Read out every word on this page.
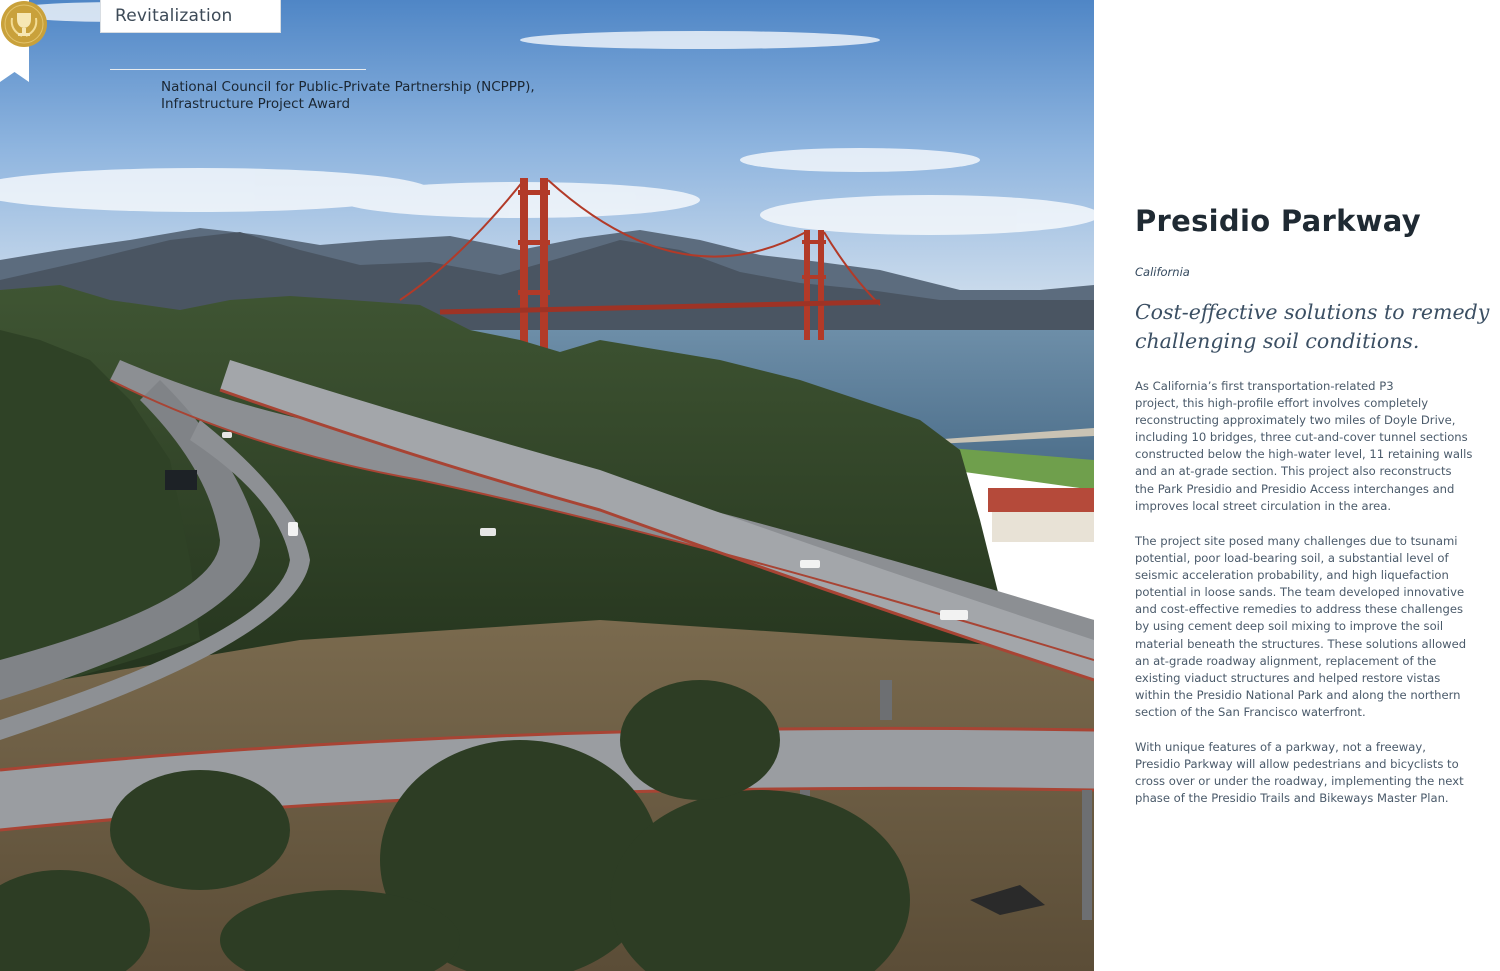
Revitalization
National Council for Public-Private Partnership (NCPPP),
Infrastructure Project Award
Presidio Parkway
California
Cost-effective solutions to remedy
challenging soil conditions.
As California’s first transportation-related P3
project, this high-profile effort involves completely
reconstructing approximately two miles of Doyle Drive,
including 10 bridges, three cut-and-cover tunnel sections
constructed below the high-water level, 11 retaining walls
and an at-grade section. This project also reconstructs
the Park Presidio and Presidio Access interchanges and
improves local street circulation in the area.
The project site posed many challenges due to tsunami
potential, poor load-bearing soil, a substantial level of
seismic acceleration probability, and high liquefaction
potential in loose sands. The team developed innovative
and cost-effective remedies to address these challenges
by using cement deep soil mixing to improve the soil
material beneath the structures. These solutions allowed
an at-grade roadway alignment, replacement of the
existing viaduct structures and helped restore vistas
within the Presidio National Park and along the northern
section of the San Francisco waterfront.
With unique features of a parkway, not a freeway,
Presidio Parkway will allow pedestrians and bicyclists to
cross over or under the roadway, implementing the next
phase of the Presidio Trails and Bikeways Master Plan.
